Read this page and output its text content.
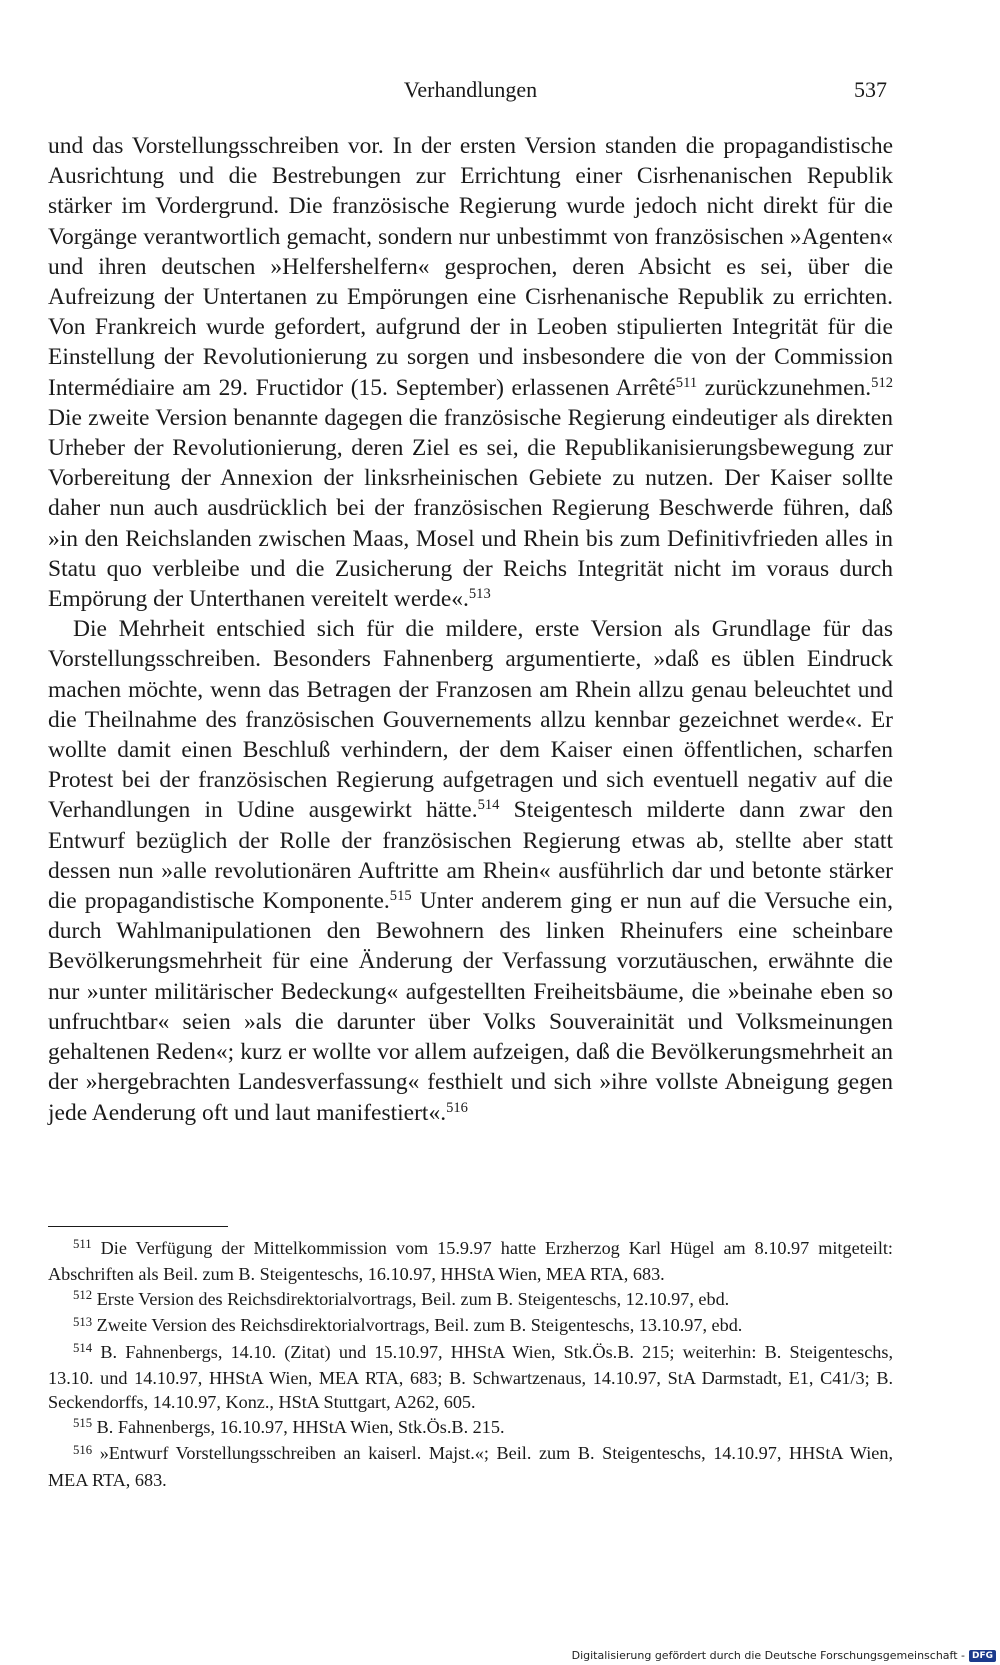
Verhandlungen	537

und das Vorstellungsschreiben vor. In der ersten Version standen die propagandistische Ausrichtung und die Bestrebungen zur Errichtung einer Cisrhenanischen Republik stärker im Vordergrund. Die französische Regierung wurde jedoch nicht direkt für die Vorgänge verantwortlich gemacht, sondern nur unbestimmt von französischen »Agenten« und ihren deutschen »Helfershelfern« gesprochen, deren Absicht es sei, über die Aufreizung der Untertanen zu Empörungen eine Cisrhenanische Republik zu errichten. Von Frankreich wurde gefordert, aufgrund der in Leoben stipulierten Integrität für die Einstellung der Revolutionierung zu sorgen und insbesondere die von der Commission Intermédiaire am 29. Fructidor (15. September) erlassenen Arrêté$^{511}$ zurückzunehmen.$^{512}$ Die zweite Version benannte dagegen die französische Regierung eindeutiger als direkten Urheber der Revolutionierung, deren Ziel es sei, die Republikanisierungsbewegung zur Vorbereitung der Annexion der linksrheinischen Gebiete zu nutzen. Der Kaiser sollte daher nun auch ausdrücklich bei der französischen Regierung Beschwerde führen, daß »in den Reichslanden zwischen Maas, Mosel und Rhein bis zum Definitivfrieden alles in Statu quo verbleibe und die Zusicherung der Reichs Integrität nicht im voraus durch Empörung der Unterthanen vereitelt werde«.$^{513}$

Die Mehrheit entschied sich für die mildere, erste Version als Grundlage für das Vorstellungsschreiben. Besonders Fahnenberg argumentierte, »daß es üblen Eindruck machen möchte, wenn das Betragen der Franzosen am Rhein allzu genau beleuchtet und die Theilnahme des französischen Gouvernements allzu kennbar gezeichnet werde«. Er wollte damit einen Beschluß verhindern, der dem Kaiser einen öffentlichen, scharfen Protest bei der französischen Regierung aufgetragen und sich eventuell negativ auf die Verhandlungen in Udine ausgewirkt hätte.$^{514}$ Steigentesch milderte dann zwar den Entwurf bezüglich der Rolle der französischen Regierung etwas ab, stellte aber statt dessen nun »alle revolutionären Auftritte am Rhein« ausführlich dar und betonte stärker die propagandistische Komponente.$^{515}$ Unter anderem ging er nun auf die Versuche ein, durch Wahlmanipulationen den Bewohnern des linken Rheinufers eine scheinbare Bevölkerungsmehrheit für eine Änderung der Verfassung vorzutäuschen, erwähnte die nur »unter militärischer Bedeckung« aufgestellten Freiheitsbäume, die »beinahe eben so unfruchtbar« seien »als die darunter über Volks Souverainität und Volksmeinungen gehaltenen Reden«; kurz er wollte vor allem aufzeigen, daß die Bevölkerungsmehrheit an der »hergebrachten Landesverfassung« festhielt und sich »ihre vollste Abneigung gegen jede Aenderung oft und laut manifestiert«.$^{516}$

$^{511}$ Die Verfügung der Mittelkommission vom 15.9.97 hatte Erzherzog Karl Hügel am 8.10.97 mitgeteilt: Abschriften als Beil. zum B. Steigenteschs, 16.10.97, HHStA Wien, MEA RTA, 683.

$^{512}$ Erste Version des Reichsdirektorialvortrags, Beil. zum B. Steigenteschs, 12.10.97, ebd.

$^{513}$ Zweite Version des Reichsdirektorialvortrags, Beil. zum B. Steigenteschs, 13.10.97, ebd.

$^{514}$ B. Fahnenbergs, 14.10. (Zitat) und 15.10.97, HHStA Wien, Stk.Ös.B. 215; weiterhin: B. Steigenteschs, 13.10. und 14.10.97, HHStA Wien, MEA RTA, 683; B. Schwartzenaus, 14.10.97, StA Darmstadt, E1, C41/3; B. Seckendorffs, 14.10.97, Konz., HStA Stuttgart, A262, 605.

$^{515}$ B. Fahnenbergs, 16.10.97, HHStA Wien, Stk.Ös.B. 215.

$^{516}$ »Entwurf Vorstellungsschreiben an kaiserl. Majst.«; Beil. zum B. Steigenteschs, 14.10.97, HHStA Wien, MEA RTA, 683.

Digitalisierung gefördert durch die Deutsche Forschungsgemeinschaft - DFG
